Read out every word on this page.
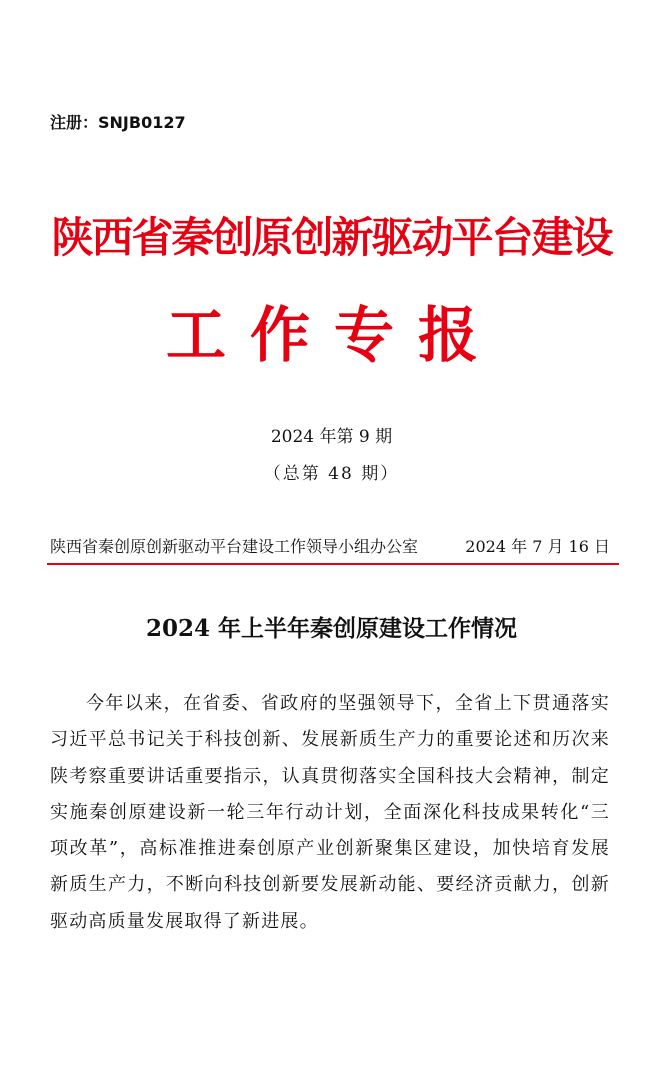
注册：SNJB0127
陕西省秦创原创新驱动平台建设
工作专报
2024 年第 9 期
（总第 48 期）
陕西省秦创原创新驱动平台建设工作领导小组办公室	2024 年 7 月 16 日
2024 年上半年秦创原建设工作情况

今年以来，在省委、省政府的坚强领导下，全省上下贯通落实习近平总书记关于科技创新、发展新质生产力的重要论述和历次来陕考察重要讲话重要指示，认真贯彻落实全国科技大会精神，制定实施秦创原建设新一轮三年行动计划，全面深化科技成果转化“三项改革”，高标准推进秦创原产业创新聚集区建设，加快培育发展新质生产力，不断向科技创新要发展新动能、要经济贡献力，创新驱动高质量发展取得了新进展。
